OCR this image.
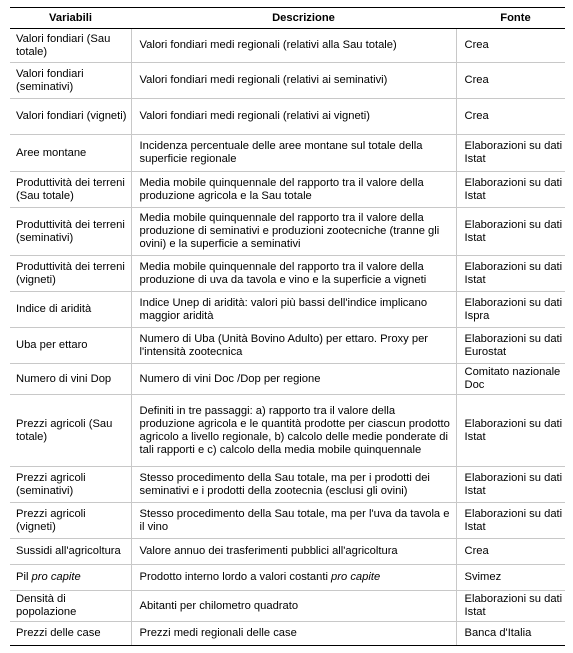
Variabili	Descrizione	Fonte
Valori fondiari (Sau totale)	Valori fondiari medi regionali (relativi alla Sau totale)	Crea
Valori fondiari (seminativi)	Valori fondiari medi regionali (relativi ai seminativi)	Crea
Valori fondiari (vigneti)	Valori fondiari medi regionali (relativi ai vigneti)	Crea
Aree montane	Incidenza percentuale delle aree montane sul totale della superficie regionale	Elaborazioni su dati Istat
Produttività dei terreni (Sau totale)	Media mobile quinquennale del rapporto tra il valore della produzione agricola e la Sau totale	Elaborazioni su dati Istat
Produttività dei terreni (seminativi)	Media mobile quinquennale del rapporto tra il valore della produzione di seminativi e produzioni zootecniche (tranne gli ovini) e la superficie a seminativi	Elaborazioni su dati Istat
Produttività dei terreni (vigneti)	Media mobile quinquennale del rapporto tra il valore della produzione di uva da tavola e vino e la superficie a vigneti	Elaborazioni su dati Istat
Indice di aridità	Indice Unep di aridità: valori più bassi dell'indice implicano maggior aridità	Elaborazioni su dati Ispra
Uba per ettaro	Numero di Uba (Unità Bovino Adulto) per ettaro. Proxy per l'intensità zootecnica	Elaborazioni su dati Eurostat
Numero di vini Dop	Numero di vini Doc /Dop per regione	Comitato nazionale Doc
Prezzi agricoli (Sau totale)	Definiti in tre passaggi: a) rapporto tra il valore della produzione agricola e le quantità prodotte per ciascun prodotto agricolo a livello regionale, b) calcolo delle medie ponderate di tali rapporti e c) calcolo della media mobile quinquennale	Elaborazioni su dati Istat
Prezzi agricoli (seminativi)	Stesso procedimento della Sau totale, ma per i prodotti dei seminativi e i prodotti della zootecnia (esclusi gli ovini)	Elaborazioni su dati Istat
Prezzi agricoli (vigneti)	Stesso procedimento della Sau totale, ma per l'uva da tavola e il vino	Elaborazioni su dati Istat
Sussidi all'agricoltura	Valore annuo dei trasferimenti pubblici all'agricoltura	Crea
Pil pro capite	Prodotto interno lordo a valori costanti pro capite	Svimez
Densità di popolazione	Abitanti per chilometro quadrato	Elaborazioni su dati Istat
Prezzi delle case	Prezzi medi regionali delle case	Banca d'Italia
